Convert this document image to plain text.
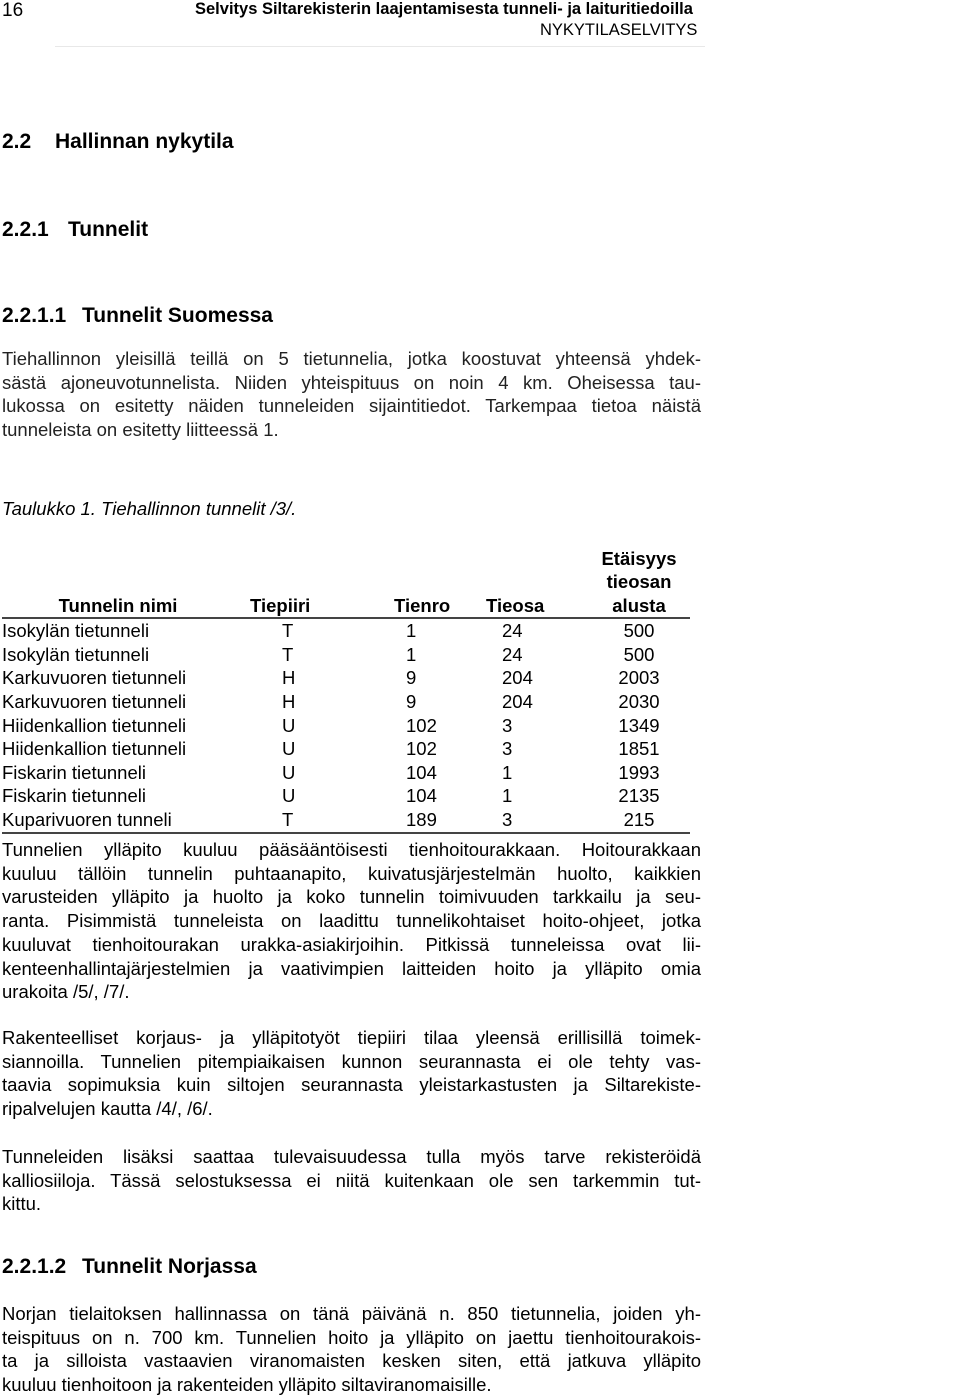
16	Selvitys Siltarekisterin laajentamisesta tunneli- ja laituritiedoilla
NYKYTILASELVITYS
2.2 Hallinnan nykytila
2.2.1 Tunnelit
2.2.1.1 Tunnelit Suomessa
Tiehallinnon yleisillä teillä on 5 tietunnelia, jotka koostuvat yhteensä yhdek-
sästä ajoneuvotunnelista. Niiden yhteispituus on noin 4 km. Oheisessa tau-
lukossa on esitetty näiden tunneleiden sijaintitiedot. Tarkempaa tietoa näistä
tunneleista on esitetty liitteessä 1.
Taulukko 1. Tiehallinnon tunnelit /3/.
Tunnelin nimi	Tiepiiri	Tienro	Tieosa	Etäisyys tieosan
alusta

Isokylän tietunneli	T	1	24	500
Isokylän tietunneli	T	1	24	500
Karkuvuoren tietunneli	H	9	204	2003
Karkuvuoren tietunneli	H	9	204	2030
Hiidenkallion tietunneli	U	102	3	1349
Hiidenkallion tietunneli	U	102	3	1851
Fiskarin tietunneli	U	104	1	1993
Fiskarin tietunneli	U	104	1	2135
Kuparivuoren tunneli	T	189	3	215
Tunnelien ylläpito kuuluu pääsääntöisesti tienhoitourakkaan. Hoitourakkaan
kuuluu tällöin tunnelin puhtaanapito, kuivatusjärjestelmän huolto, kaikkien
varusteiden ylläpito ja huolto ja koko tunnelin toimivuuden tarkkailu ja seu-
ranta. Pisimmistä tunneleista on laadittu tunnelikohtaiset hoito-ohjeet, jotka
kuuluvat tienhoitourakan urakka-asiakirjoihin. Pitkissä tunneleissa ovat lii-
kenteenhallintajärjestelmien ja vaativimpien laitteiden hoito ja ylläpito omia
urakoita /5/, /7/.
Rakenteelliset korjaus- ja ylläpitotyöt tiepiiri tilaa yleensä erillisillä toimek-
siannoilla. Tunnelien pitempiaikaisen kunnon seurannasta ei ole tehty vas-
taavia sopimuksia kuin siltojen seurannasta yleistarkastusten ja Siltarekiste-
ripalvelujen kautta /4/, /6/.
Tunneleiden lisäksi saattaa tulevaisuudessa tulla myös tarve rekisteröidä
kalliosiiloja. Tässä selostuksessa ei niitä kuitenkaan ole sen tarkemmin tut-
kittu.
2.2.1.2 Tunnelit Norjassa
Norjan tielaitoksen hallinnassa on tänä päivänä n. 850 tietunnelia, joiden yh-
teispituus on n. 700 km. Tunnelien hoito ja ylläpito on jaettu tienhoitourakois-
ta ja silloista vastaavien viranomaisten kesken siten, että jatkuva ylläpito
kuuluu tienhoitoon ja rakenteiden ylläpito siltaviranomaisille.
